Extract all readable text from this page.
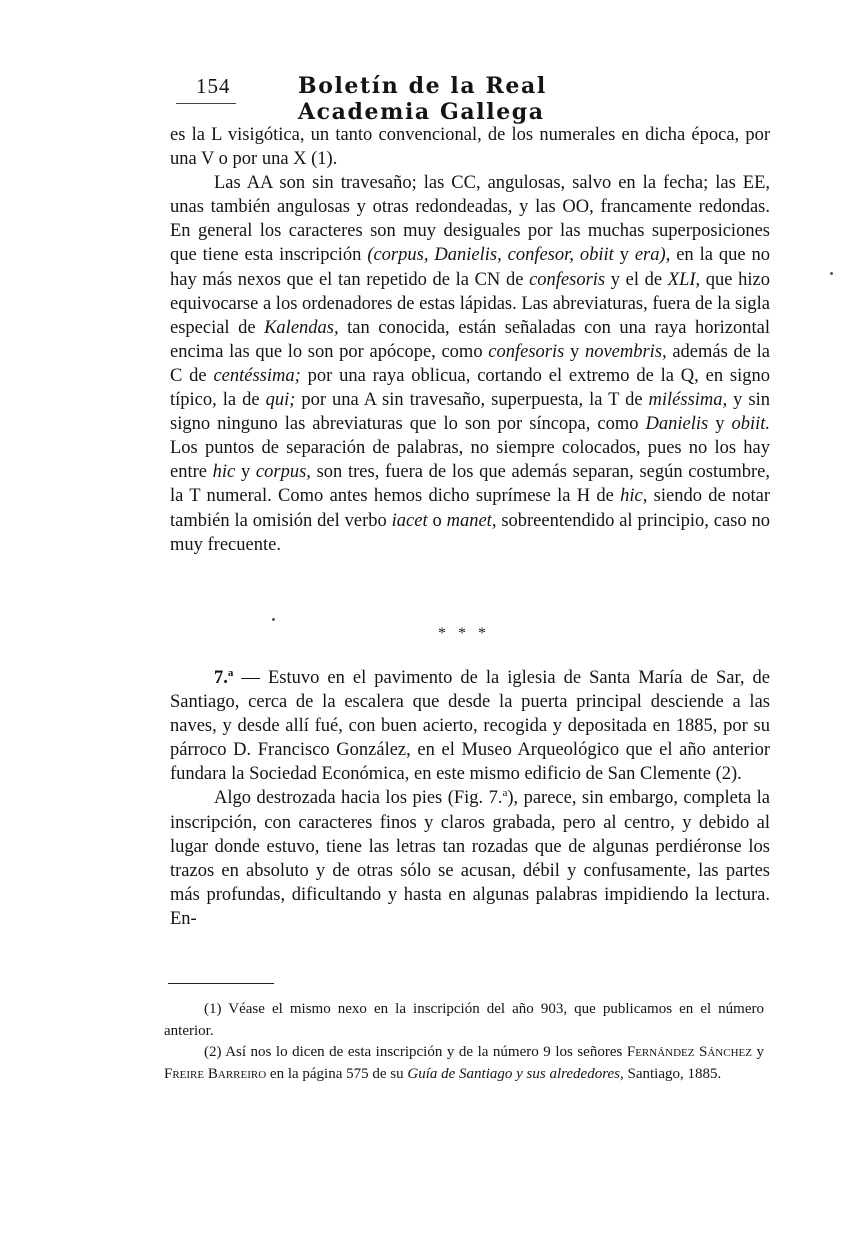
154	Boletín de la Real Academia Gallega

es la L visigótica, un tanto convencional, de los numerales en dicha época, por una V o por una X (1).

Las AA son sin travesaño; las CC, angulosas, salvo en la fecha; las EE, unas también angulosas y otras redondeadas, y las OO, francamente redondas. En general los caracteres son muy desiguales por las muchas superposiciones que tiene esta inscripción (corpus, Danielis, confesor, obiit y era), en la que no hay más nexos que el tan repetido de la CN de confesoris y el de XLI, que hizo equivocarse a los ordenadores de estas lápidas. Las abreviaturas, fuera de la sigla especial de Kalendas, tan conocida, están señaladas con una raya horizontal encima las que lo son por apócope, como confesoris y novembris, además de la C de centéssima; por una raya oblicua, cortando el extremo de la Q, en signo típico, la de qui; por una A sin travesaño, superpuesta, la T de miléssima, y sin signo ninguno las abreviaturas que lo son por síncopa, como Danielis y obiit. Los puntos de separación de palabras, no siempre colocados, pues no los hay entre hic y corpus, son tres, fuera de los que además separan, según costumbre, la T numeral. Como antes hemos dicho suprímese la H de hic, siendo de notar también la omisión del verbo iacet o manet, sobreentendido al principio, caso no muy frecuente.

* * *

7.$^a$ — Estuvo en el pavimento de la iglesia de Santa María de Sar, de Santiago, cerca de la escalera que desde la puerta principal desciende a las naves, y desde allí fué, con buen acierto, recogida y depositada en 1885, por su párroco D. Francisco González, en el Museo Arqueológico que el año anterior fundara la Sociedad Económica, en este mismo edificio de San Clemente (2).

Algo destrozada hacia los pies (Fig. 7.$^a$), parece, sin embargo, completa la inscripción, con caracteres finos y claros grabada, pero al centro, y debido al lugar donde estuvo, tiene las letras tan rozadas que de algunas perdiéronse los trazos en absoluto y de otras sólo se acusan, débil y confusamente, las partes más profundas, dificultando y hasta en algunas palabras impidiendo la lectura. En-

(1) Véase el mismo nexo en la inscripción del año 903, que publicamos en el número anterior.

(2) Así nos lo dicen de esta inscripción y de la número 9 los señores Fernández Sánchez y Freire Barreiro en la página 575 de su Guía de Santiago y sus alrededores, Santiago, 1885.
